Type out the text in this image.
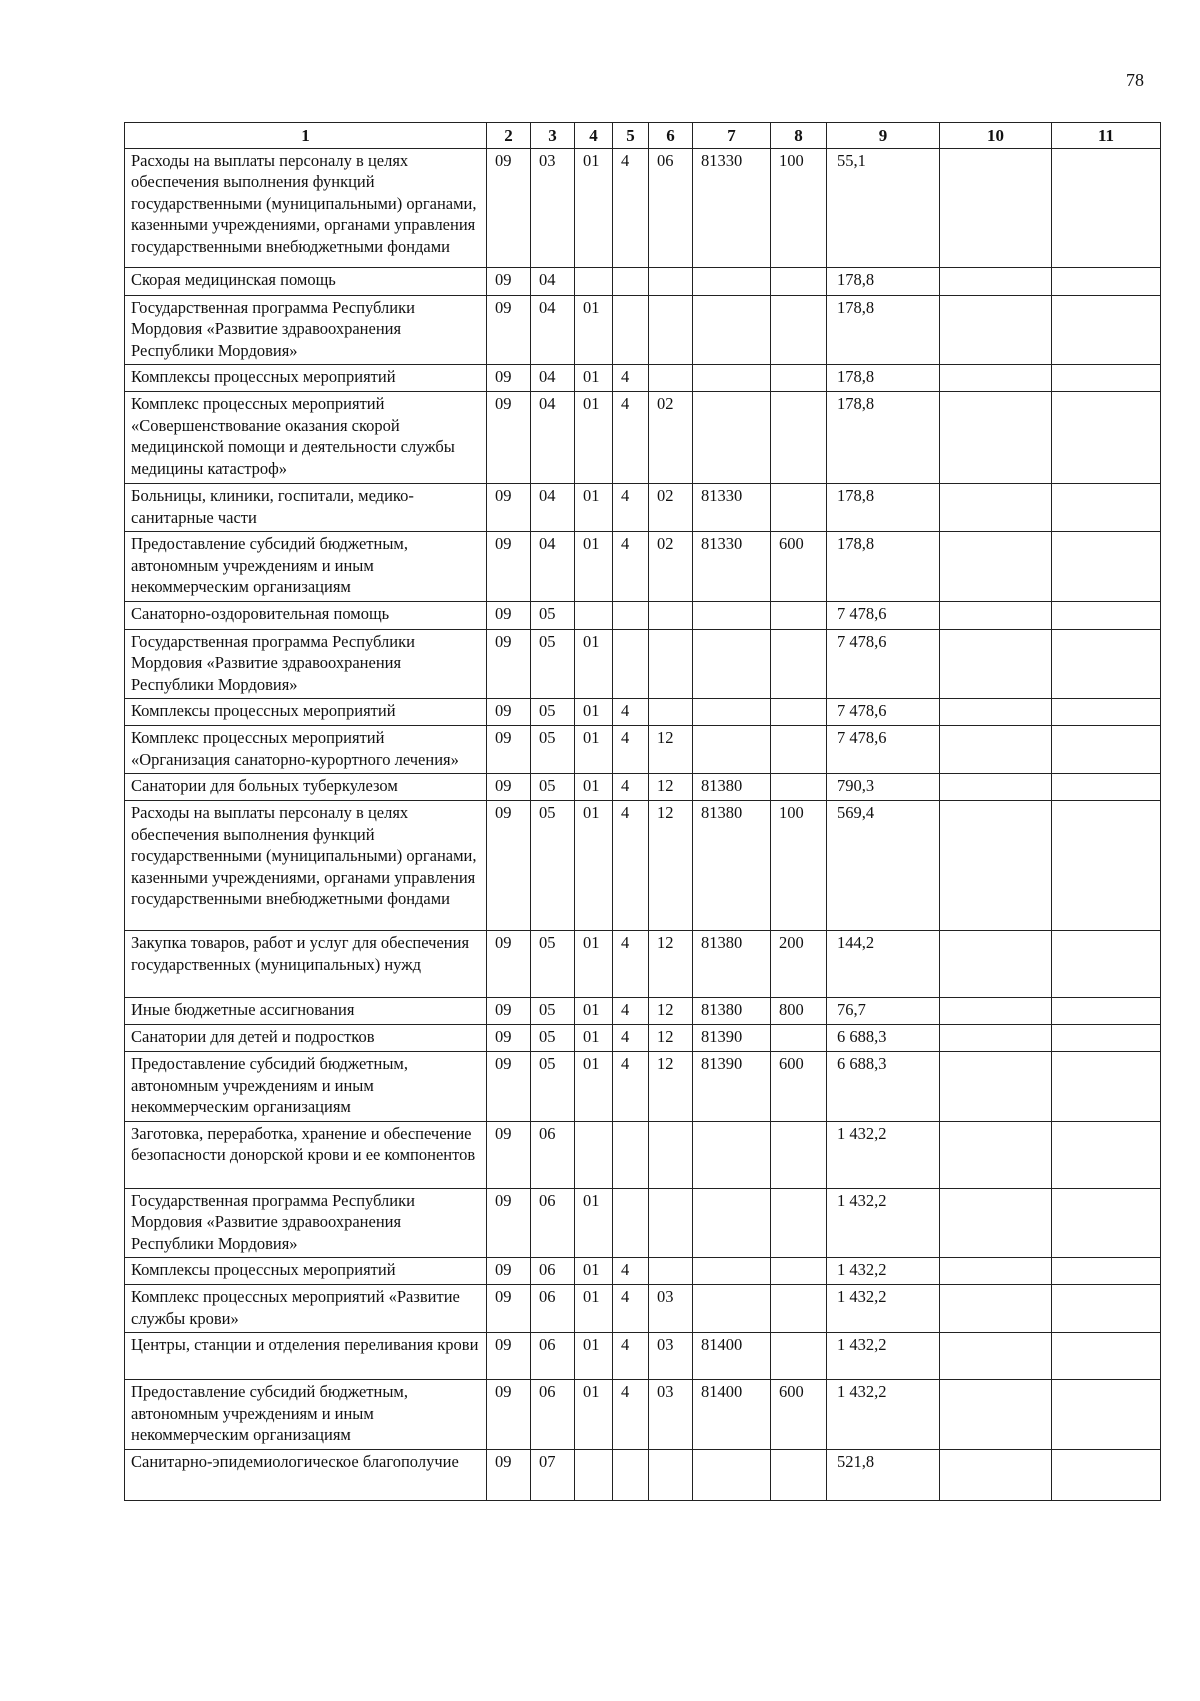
78
1	2	3	4	5	6	7	8	9	10	11
Расходы на выплаты персоналу в целях обеспечения выполнения функций государственными (муниципальными) органами, казенными учреждениями, органами управления государственными внебюджетными фондами	09	03	01	4	06	81330	100	55,1		
Скорая медицинская помощь	09	04						178,8		
Государственная программа Республики Мордовия «Развитие здравоохранения Республики Мордовия»	09	04	01					178,8		
Комплексы процессных мероприятий	09	04	01	4				178,8		
Комплекс процессных мероприятий «Совершенствование оказания скорой медицинской помощи и деятельности службы медицины катастроф»	09	04	01	4	02			178,8		
Больницы, клиники, госпитали, медико-санитарные части	09	04	01	4	02	81330		178,8		
Предоставление субсидий бюджетным, автономным учреждениям и иным некоммерческим организациям	09	04	01	4	02	81330	600	178,8		
Санаторно-оздоровительная помощь	09	05						7 478,6		
Государственная программа Республики Мордовия «Развитие здравоохранения Республики Мордовия»	09	05	01					7 478,6		
Комплексы процессных мероприятий	09	05	01	4				7 478,6		
Комплекс процессных мероприятий «Организация санаторно-курортного лечения»	09	05	01	4	12			7 478,6		
Санатории для больных туберкулезом	09	05	01	4	12	81380		790,3		
Расходы на выплаты персоналу в целях обеспечения выполнения функций государственными (муниципальными) органами, казенными учреждениями, органами управления государственными внебюджетными фондами	09	05	01	4	12	81380	100	569,4		
Закупка товаров, работ и услуг для обеспечения государственных (муниципальных) нужд	09	05	01	4	12	81380	200	144,2		
Иные бюджетные ассигнования	09	05	01	4	12	81380	800	76,7		
Санатории для детей и подростков	09	05	01	4	12	81390		6 688,3		
Предоставление субсидий бюджетным, автономным учреждениям и иным некоммерческим организациям	09	05	01	4	12	81390	600	6 688,3		
Заготовка, переработка, хранение и обеспечение безопасности донорской крови и ее компонентов	09	06						1 432,2		
Государственная программа Республики Мордовия «Развитие здравоохранения Республики Мордовия»	09	06	01					1 432,2		
Комплексы процессных мероприятий	09	06	01	4				1 432,2		
Комплекс процессных мероприятий «Развитие службы крови»	09	06	01	4	03			1 432,2		
Центры, станции и отделения переливания крови	09	06	01	4	03	81400		1 432,2		
Предоставление субсидий бюджетным, автономным учреждениям и иным некоммерческим организациям	09	06	01	4	03	81400	600	1 432,2		
Санитарно-эпидемиологическое благополучие	09	07						521,8		
